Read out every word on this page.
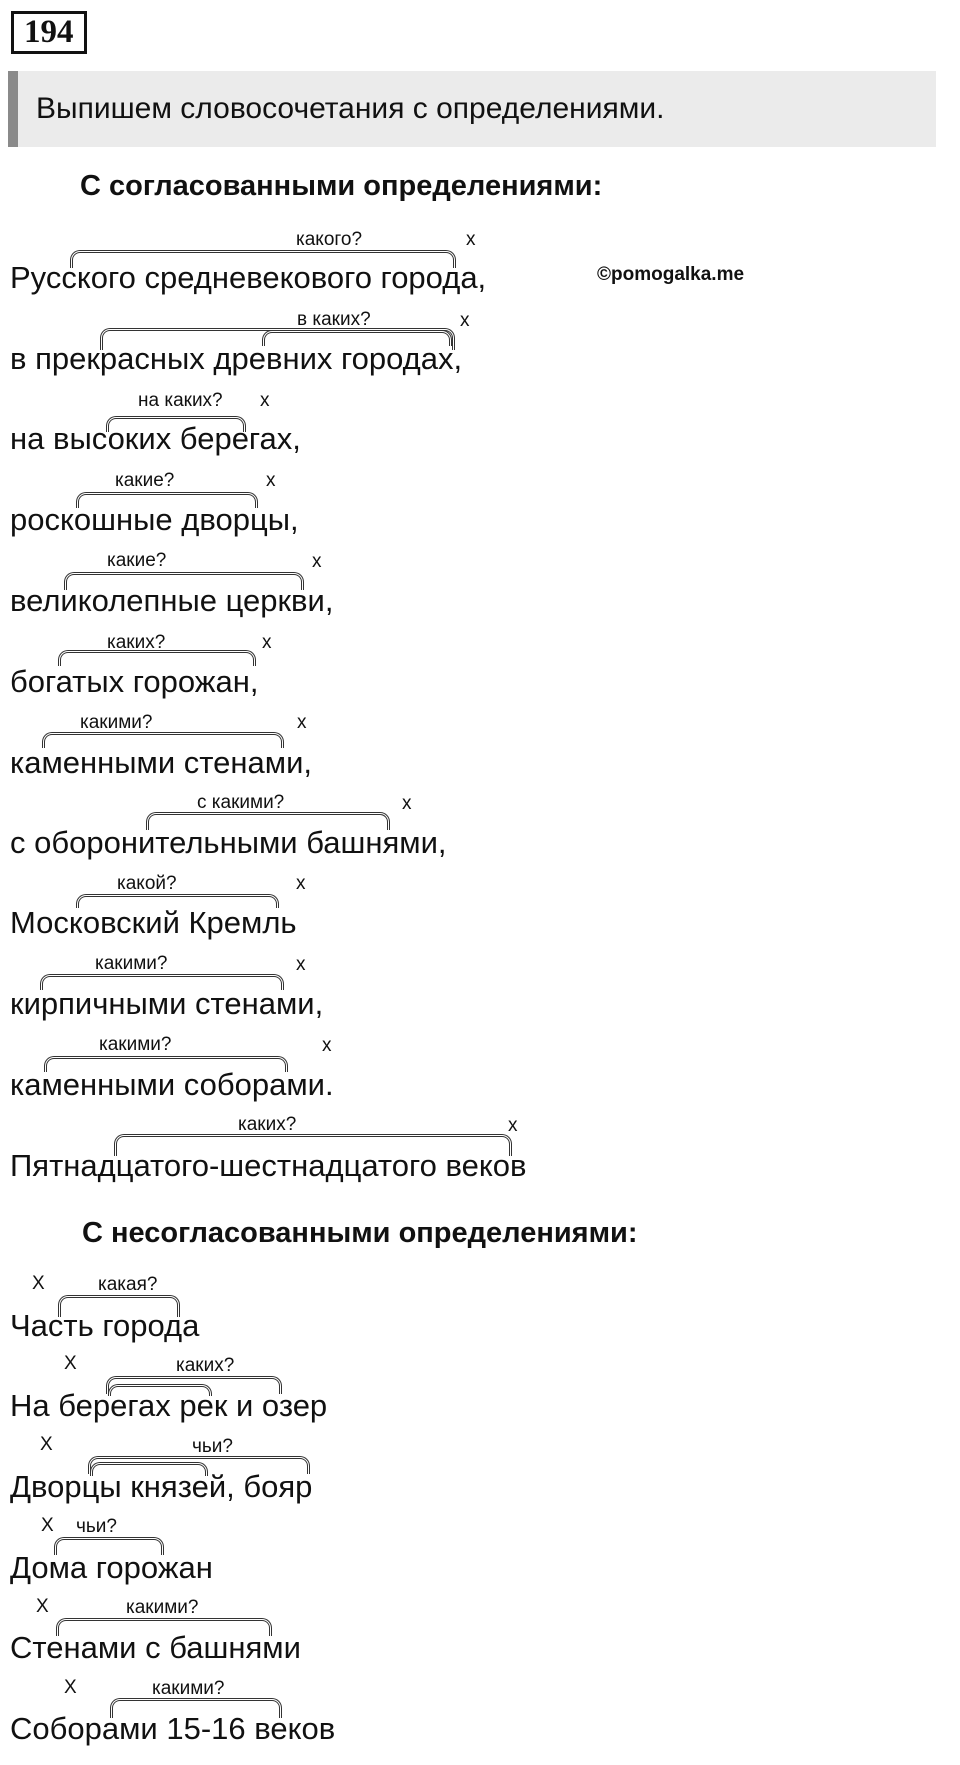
194
Выпишем словосочетания с определениями.
С согласованными определениями:
©pomogalka.me
какого?	x
Русского средневекового города,
в каких?	x
в прекрасных древних городах,
на каких? x
на высоких берегах,
какие?	x
роскошные дворцы,
какие?	x
великолепные церкви,
каких?	x
богатых горожан,
какими?	x
каменными стенами,
с какими?	x
с оборонительными башнями,
какой?	x
Московский Кремль
какими?	x
кирпичными стенами,
какими?	x
каменными соборами.
каких?	x
Пятнадцатого-шестнадцатого веков
С несогласованными определениями:
X	какая?
Часть города
X	каких?
На берегах рек и озер
X	чьи?
Дворцы князей, бояр
X чьи?
Дома горожан
X	какими?
Стенами с башнями
X	какими?
Соборами 15-16 веков
